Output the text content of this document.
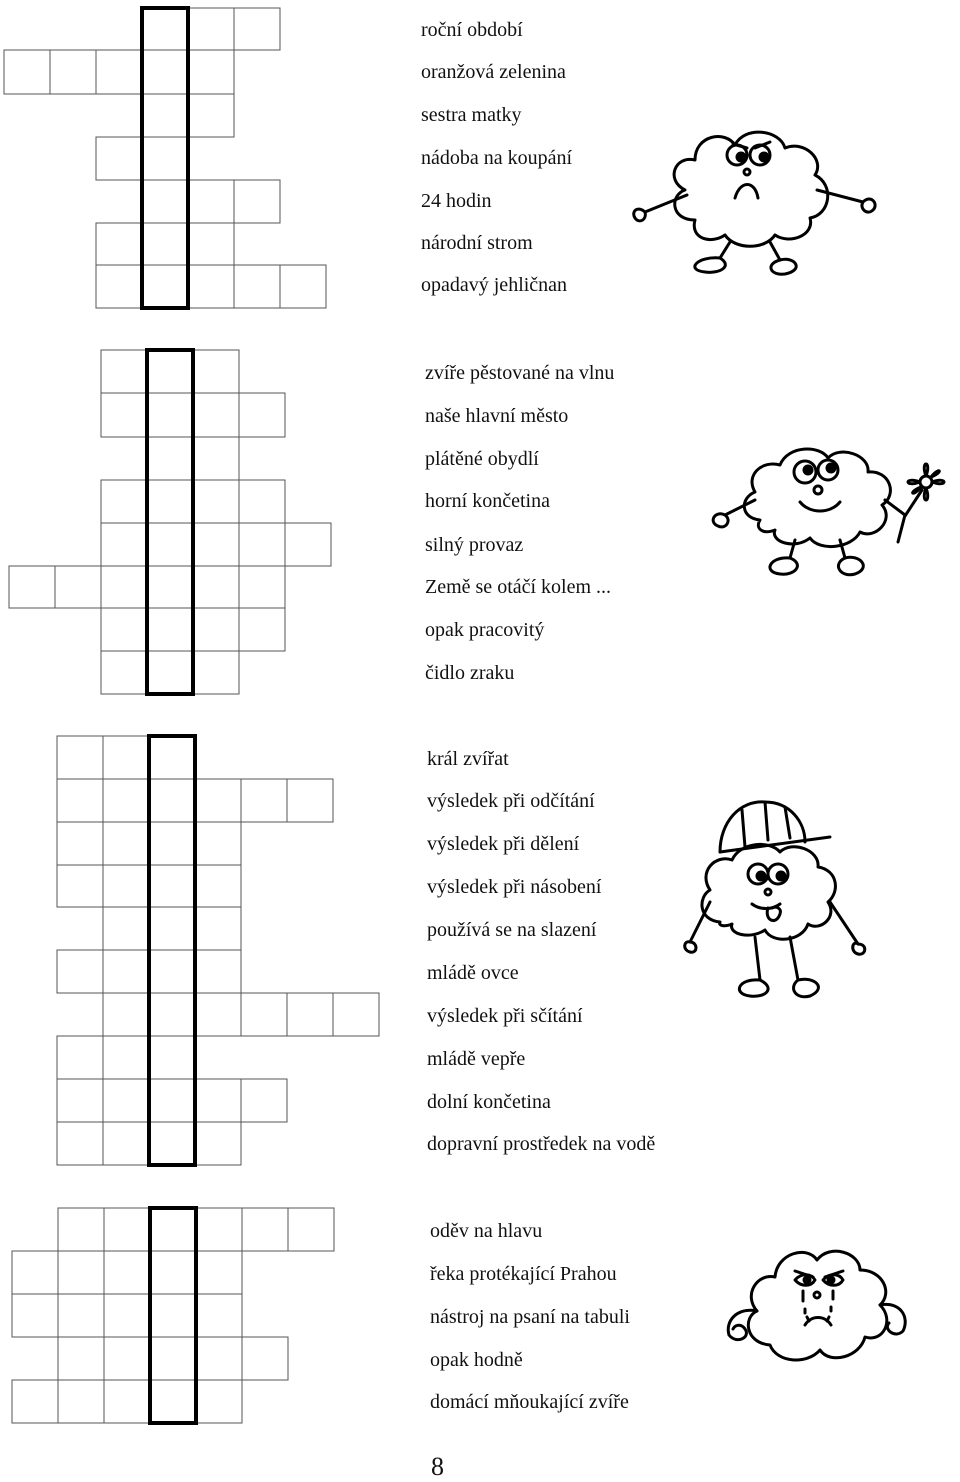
roční období
oranžová zelenina
sestra matky
nádoba na koupání
24 hodin
národní strom
opadavý jehličnan
zvíře pěstované na vlnu
naše hlavní město
plátěné obydlí
horní končetina
silný provaz
Země se otáčí kolem ...
opak pracovitý
čidlo zraku
král zvířat
výsledek při odčítání
výsledek při dělení
výsledek při násobení
používá se na slazení
mládě ovce
výsledek při sčítání
mládě vepře
dolní končetina
dopravní prostředek na vodě
oděv na hlavu
řeka protékající Prahou
nástroj na psaní na tabuli
opak hodně
domácí mňoukající zvíře
8
